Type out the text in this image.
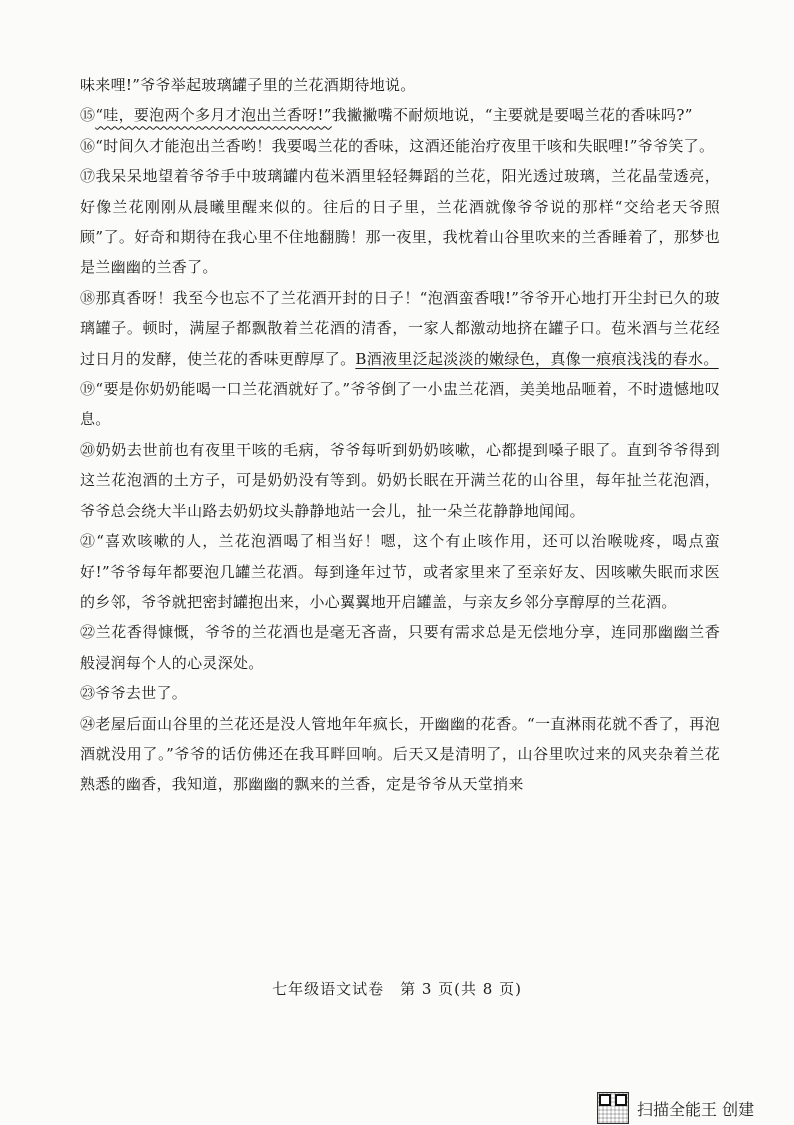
味来哩!”爷爷举起玻璃罐子里的兰花酒期待地说。

⑮“哇，要泡两个多月才泡出兰香呀!”我撇撇嘴不耐烦地说，“主要就是要喝兰花的香味吗?”

⑯“时间久才能泡出兰香哟！我要喝兰花的香味，这酒还能治疗夜里干咳和失眠哩!”爷爷笑了。

⑰我呆呆地望着爷爷手中玻璃罐内苞米酒里轻轻舞蹈的兰花，阳光透过玻璃，兰花晶莹透亮，好像兰花刚刚从晨曦里醒来似的。往后的日子里，兰花酒就像爷爷说的那样“交给老天爷照顾”了。好奇和期待在我心里不住地翻腾！那一夜里，我枕着山谷里吹来的兰香睡着了，那梦也是兰幽幽的兰香了。

⑱那真香呀！我至今也忘不了兰花酒开封的日子！“泡酒蛮香哦!”爷爷开心地打开尘封已久的玻璃罐子。顿时，满屋子都飘散着兰花酒的清香，一家人都激动地挤在罐子口。苞米酒与兰花经过日月的发酵，使兰花的香味更醇厚了。B酒液里泛起淡淡的嫩绿色，真像一痕痕浅浅的春水。

⑲“要是你奶奶能喝一口兰花酒就好了。”爷爷倒了一小盅兰花酒，美美地品咂着，不时遗憾地叹息。

⑳奶奶去世前也有夜里干咳的毛病，爷爷每听到奶奶咳嗽，心都提到嗓子眼了。直到爷爷得到这兰花泡酒的土方子，可是奶奶没有等到。奶奶长眠在开满兰花的山谷里，每年扯兰花泡酒，爷爷总会绕大半山路去奶奶坟头静静地站一会儿，扯一朵兰花静静地闻闻。

㉑“喜欢咳嗽的人，兰花泡酒喝了相当好！嗯，这个有止咳作用，还可以治喉咙疼，喝点蛮好!”爷爷每年都要泡几罐兰花酒。每到逢年过节，或者家里来了至亲好友、因咳嗽失眠而求医的乡邻，爷爷就把密封罐抱出来，小心翼翼地开启罐盖，与亲友乡邻分享醇厚的兰花酒。

㉒兰花香得慷慨，爷爷的兰花酒也是毫无吝啬，只要有需求总是无偿地分享，连同那幽幽兰香般浸润每个人的心灵深处。

㉓爷爷去世了。

㉔老屋后面山谷里的兰花还是没人管地年年疯长，开幽幽的花香。“一直淋雨花就不香了，再泡酒就没用了。”爷爷的话仿佛还在我耳畔回响。后天又是清明了，山谷里吹过来的风夹杂着兰花熟悉的幽香，我知道，那幽幽的飘来的兰香，定是爷爷从天堂捎来

七年级语文试卷　第 3 页(共 8 页)
扫描全能王 创建
